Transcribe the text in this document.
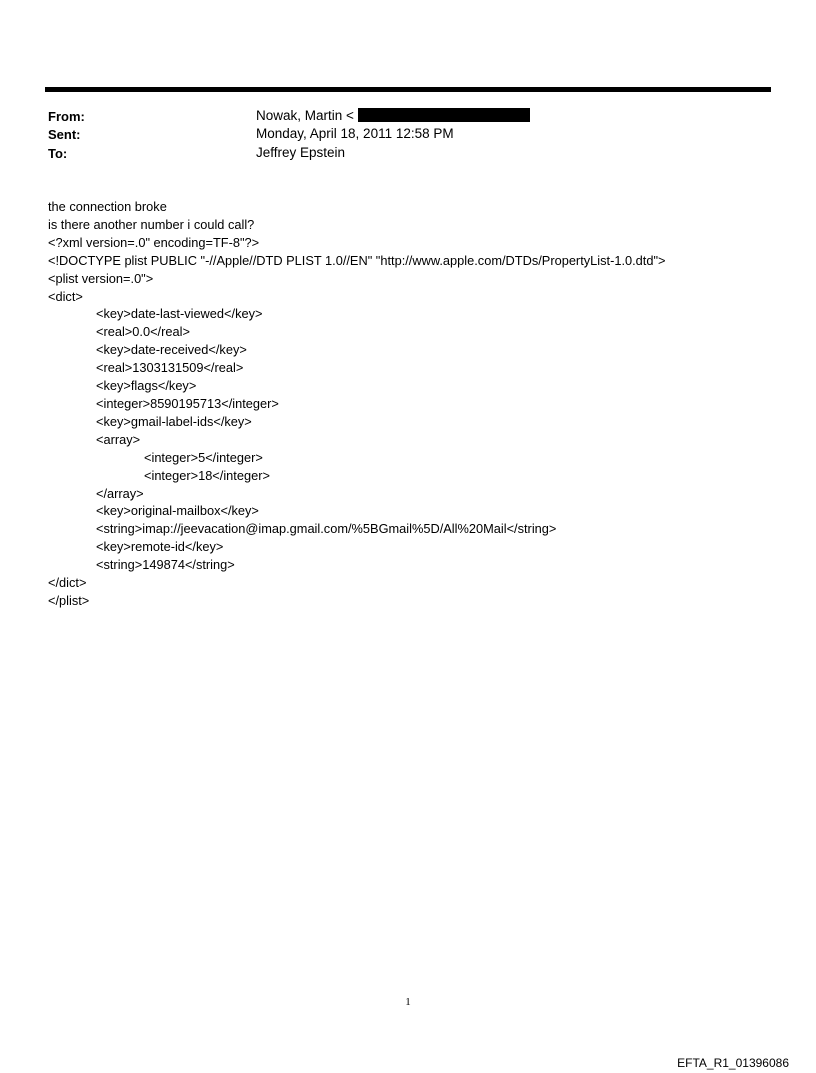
From:	Nowak, Martin <
Sent:	Monday, April 18, 2011 12:58 PM
To:	Jeffrey Epstein
the connection broke
is there another number i could call?
<?xml version=.0" encoding=TF-8"?>
<!DOCTYPE plist PUBLIC "-//Apple//DTD PLIST 1.0//EN" "http://www.apple.com/DTDs/PropertyList-1.0.dtd">
<plist version=.0">
<dict>
<key>date-last-viewed</key>
<real>0.0</real>
<key>date-received</key>
<real>1303131509</real>
<key>flags</key>
<integer>8590195713</integer>
<key>gmail-label-ids</key>
<array>
<integer>5</integer>
<integer>18</integer>
</array>
<key>original-mailbox</key>
<string>imap://jeevacation@imap.gmail.com/%5BGmail%5D/All%20Mail</string>
<key>remote-id</key>
<string>149874</string>
</dict>
</plist>
1
EFTA_R1_01396086
